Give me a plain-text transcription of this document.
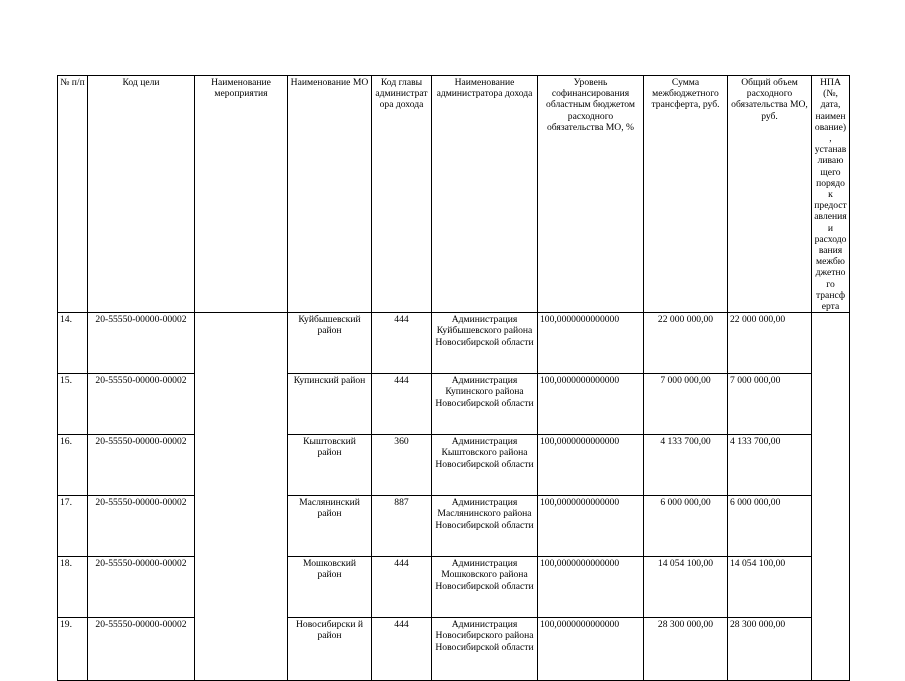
№ п/п	Код цели	Наименование мероприятия	Наименование МО	Код главы администратора дохода	Наименование администратора дохода	Уровень софинансирования областным бюджетом расходного обязательства МО, %	Сумма межбюджетного трансферта, руб.	Общий объем расходного обязательства МО, руб.	НПА (№, дата, наименование), устанавливающего порядок предоставления и расходования межбюджетного трансферта
14.	20-55550-00000-00002		Куйбышевский район	444	Администрация Куйбышевского района Новосибирской области	100,0000000000000	22 000 000,00	22 000 000,00	
15.	20-55550-00000-00002		Купинский район	444	Администрация Купинского района Новосибирской области	100,0000000000000	7 000 000,00	7 000 000,00	
16.	20-55550-00000-00002		Кыштовский район	360	Администрация Кыштовского района Новосибирской области	100,0000000000000	4 133 700,00	4 133 700,00	
17.	20-55550-00000-00002		Маслянинский район	887	Администрация Маслянинского района Новосибирской области	100,0000000000000	6 000 000,00	6 000 000,00	
18.	20-55550-00000-00002		Мошковский район	444	Администрация Мошковского района Новосибирской области	100,0000000000000	14 054 100,00	14 054 100,00	
19.	20-55550-00000-00002		Новосибирски й район	444	Администрация Новосибирского района Новосибирской области	100,0000000000000	28 300 000,00	28 300 000,00	
